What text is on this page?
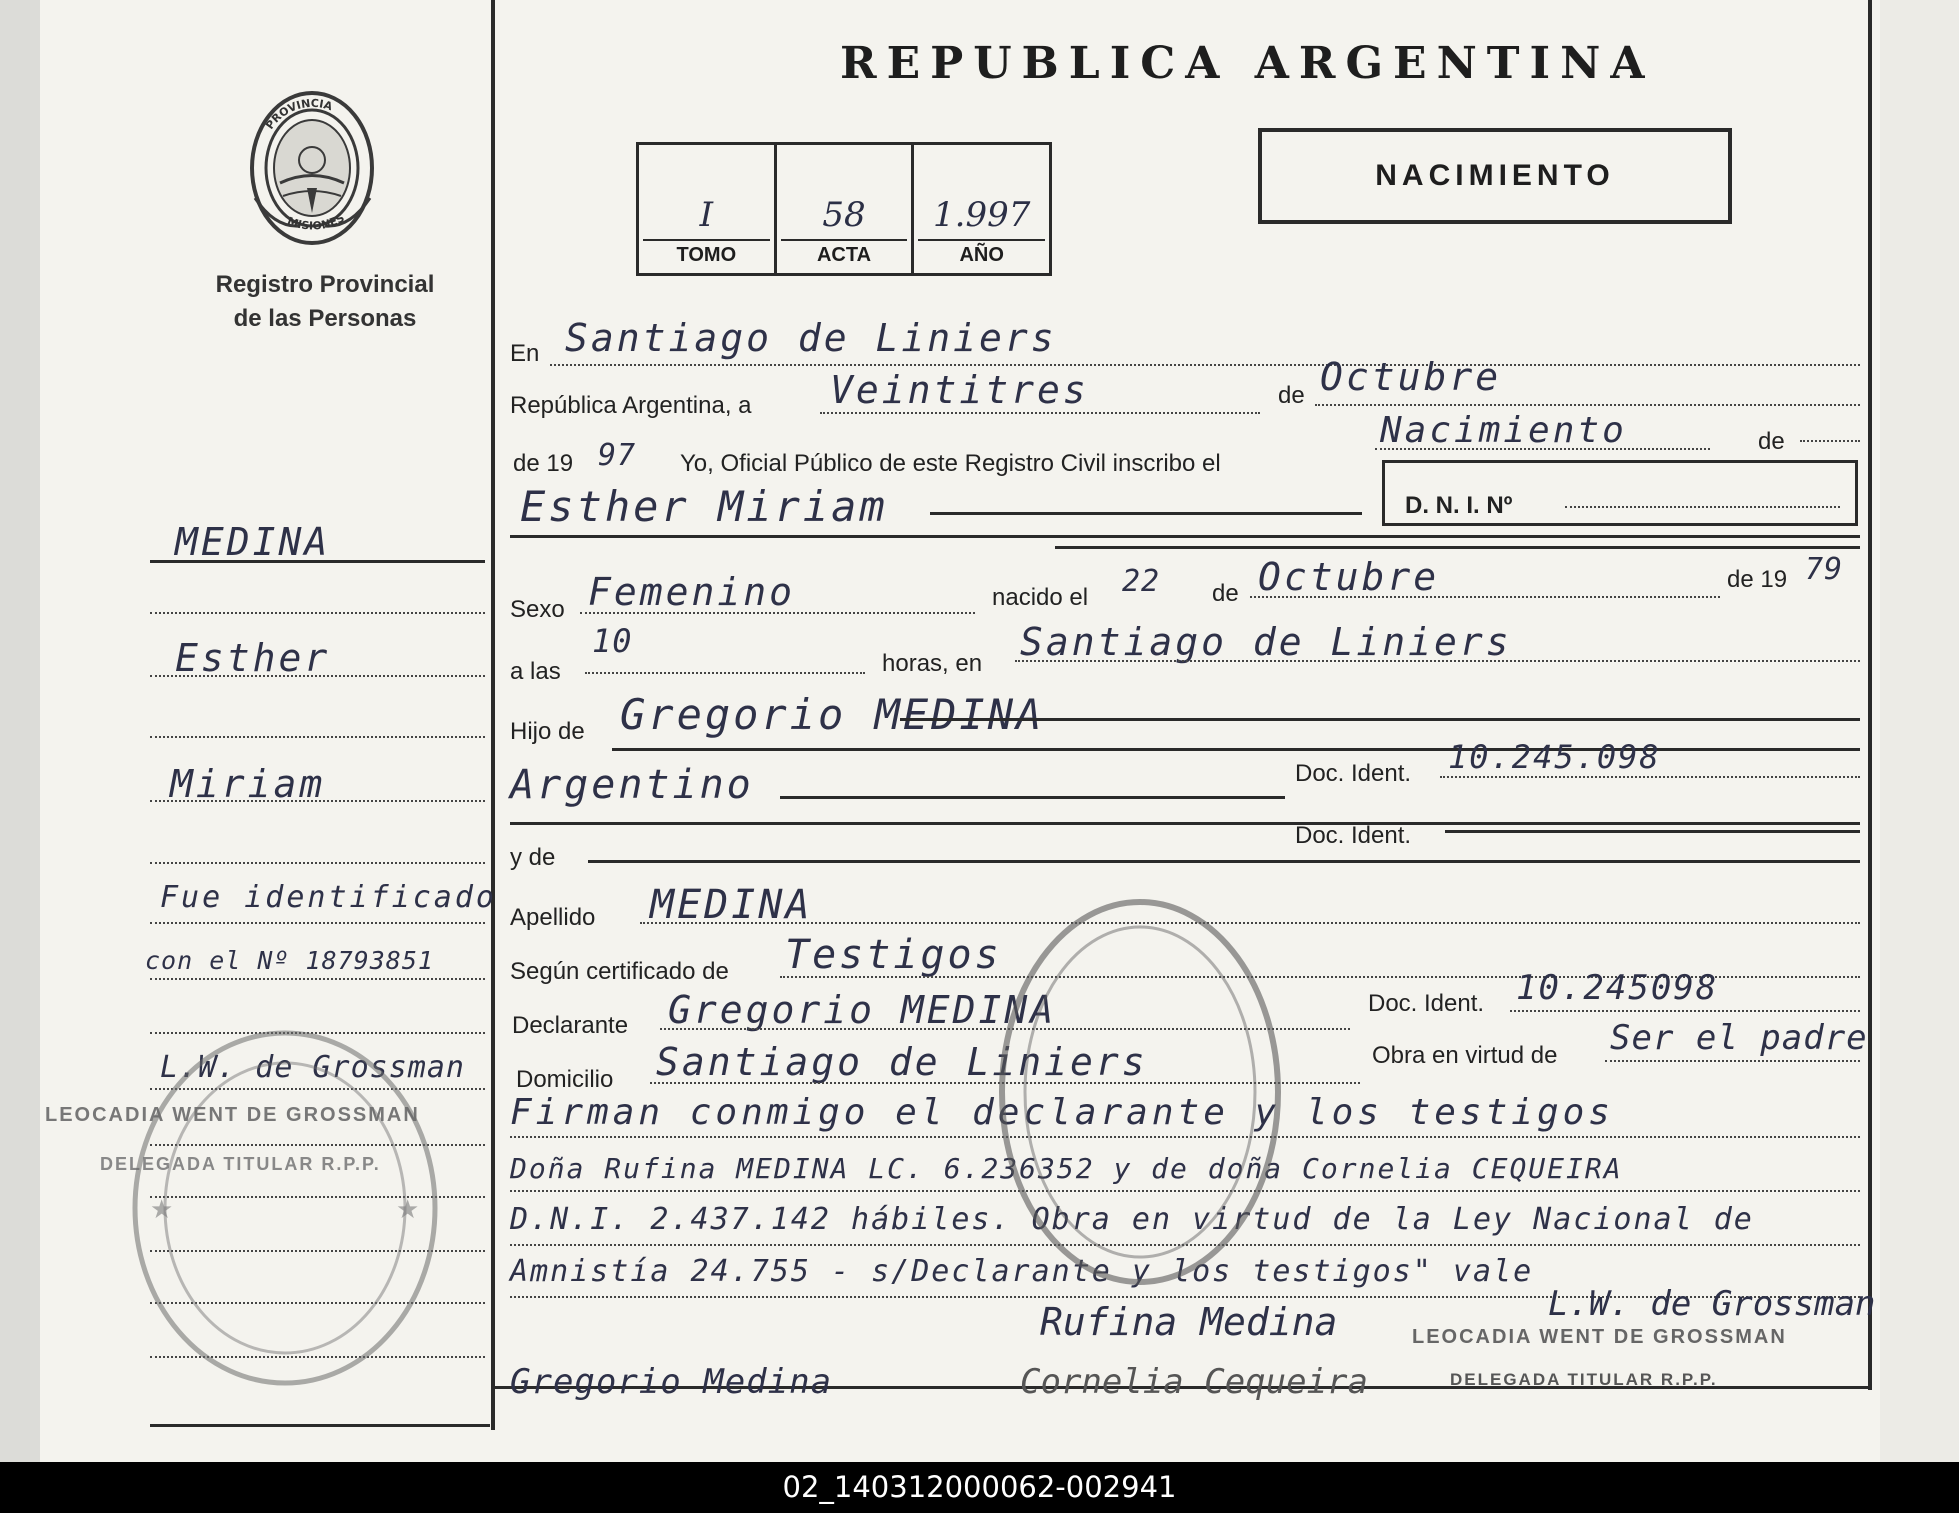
REPUBLICA ARGENTINA
NACIMIENTO
I
TOMO
58
ACTA
1.997
AÑO
PROVINCIA
MISIONES
Registro Provincial
de las Personas
MEDINA
Esther
Miriam
Fue identificado
con el Nº 18793851
L.W. de Grossman
Gregorio Medina
LEOCADIA WENT DE GROSSMAN
DELEGADA TITULAR R.P.P.
En Santiago de Liniers
República Argentina, a Veintitres	de Octubre
de 19 97 Yo, Oficial Público de este Registro Civil inscribo el
Nacimiento	de
Esther Miriam	D. N. I. Nº
Sexo Femenino	nacido el 22 de Octubre	de 19 79
a las
10
horas, en Santiago de Liniers
Hijo de Gregorio MEDINA
Argentino	Doc. Ident. 10.245.098
Doc. Ident.
y de
Apellido MEDINA
Según certificado de Testigos
Declarante Gregorio MEDINA	Doc. Ident. 10.245098
Domicilio Santiago de Liniers	Obra en virtud de Ser el padre
Firman conmigo el declarante y los testigos
Doña Rufina MEDINA LC. 6.236352 y de doña Cornelia CEQUEIRA
D.N.I. 2.437.142 hábiles. Obra en virtud de la Ley Nacional de
Amnistía 24.755 - s/Declarante y los testigos" vale
Rufina Medina	L.W. de Grossman
LEOCADIA WENT DE GROSSMAN
Cornelia Cequeira	DELEGADA TITULAR R.P.P.
★	★
02_140312000062-002941
